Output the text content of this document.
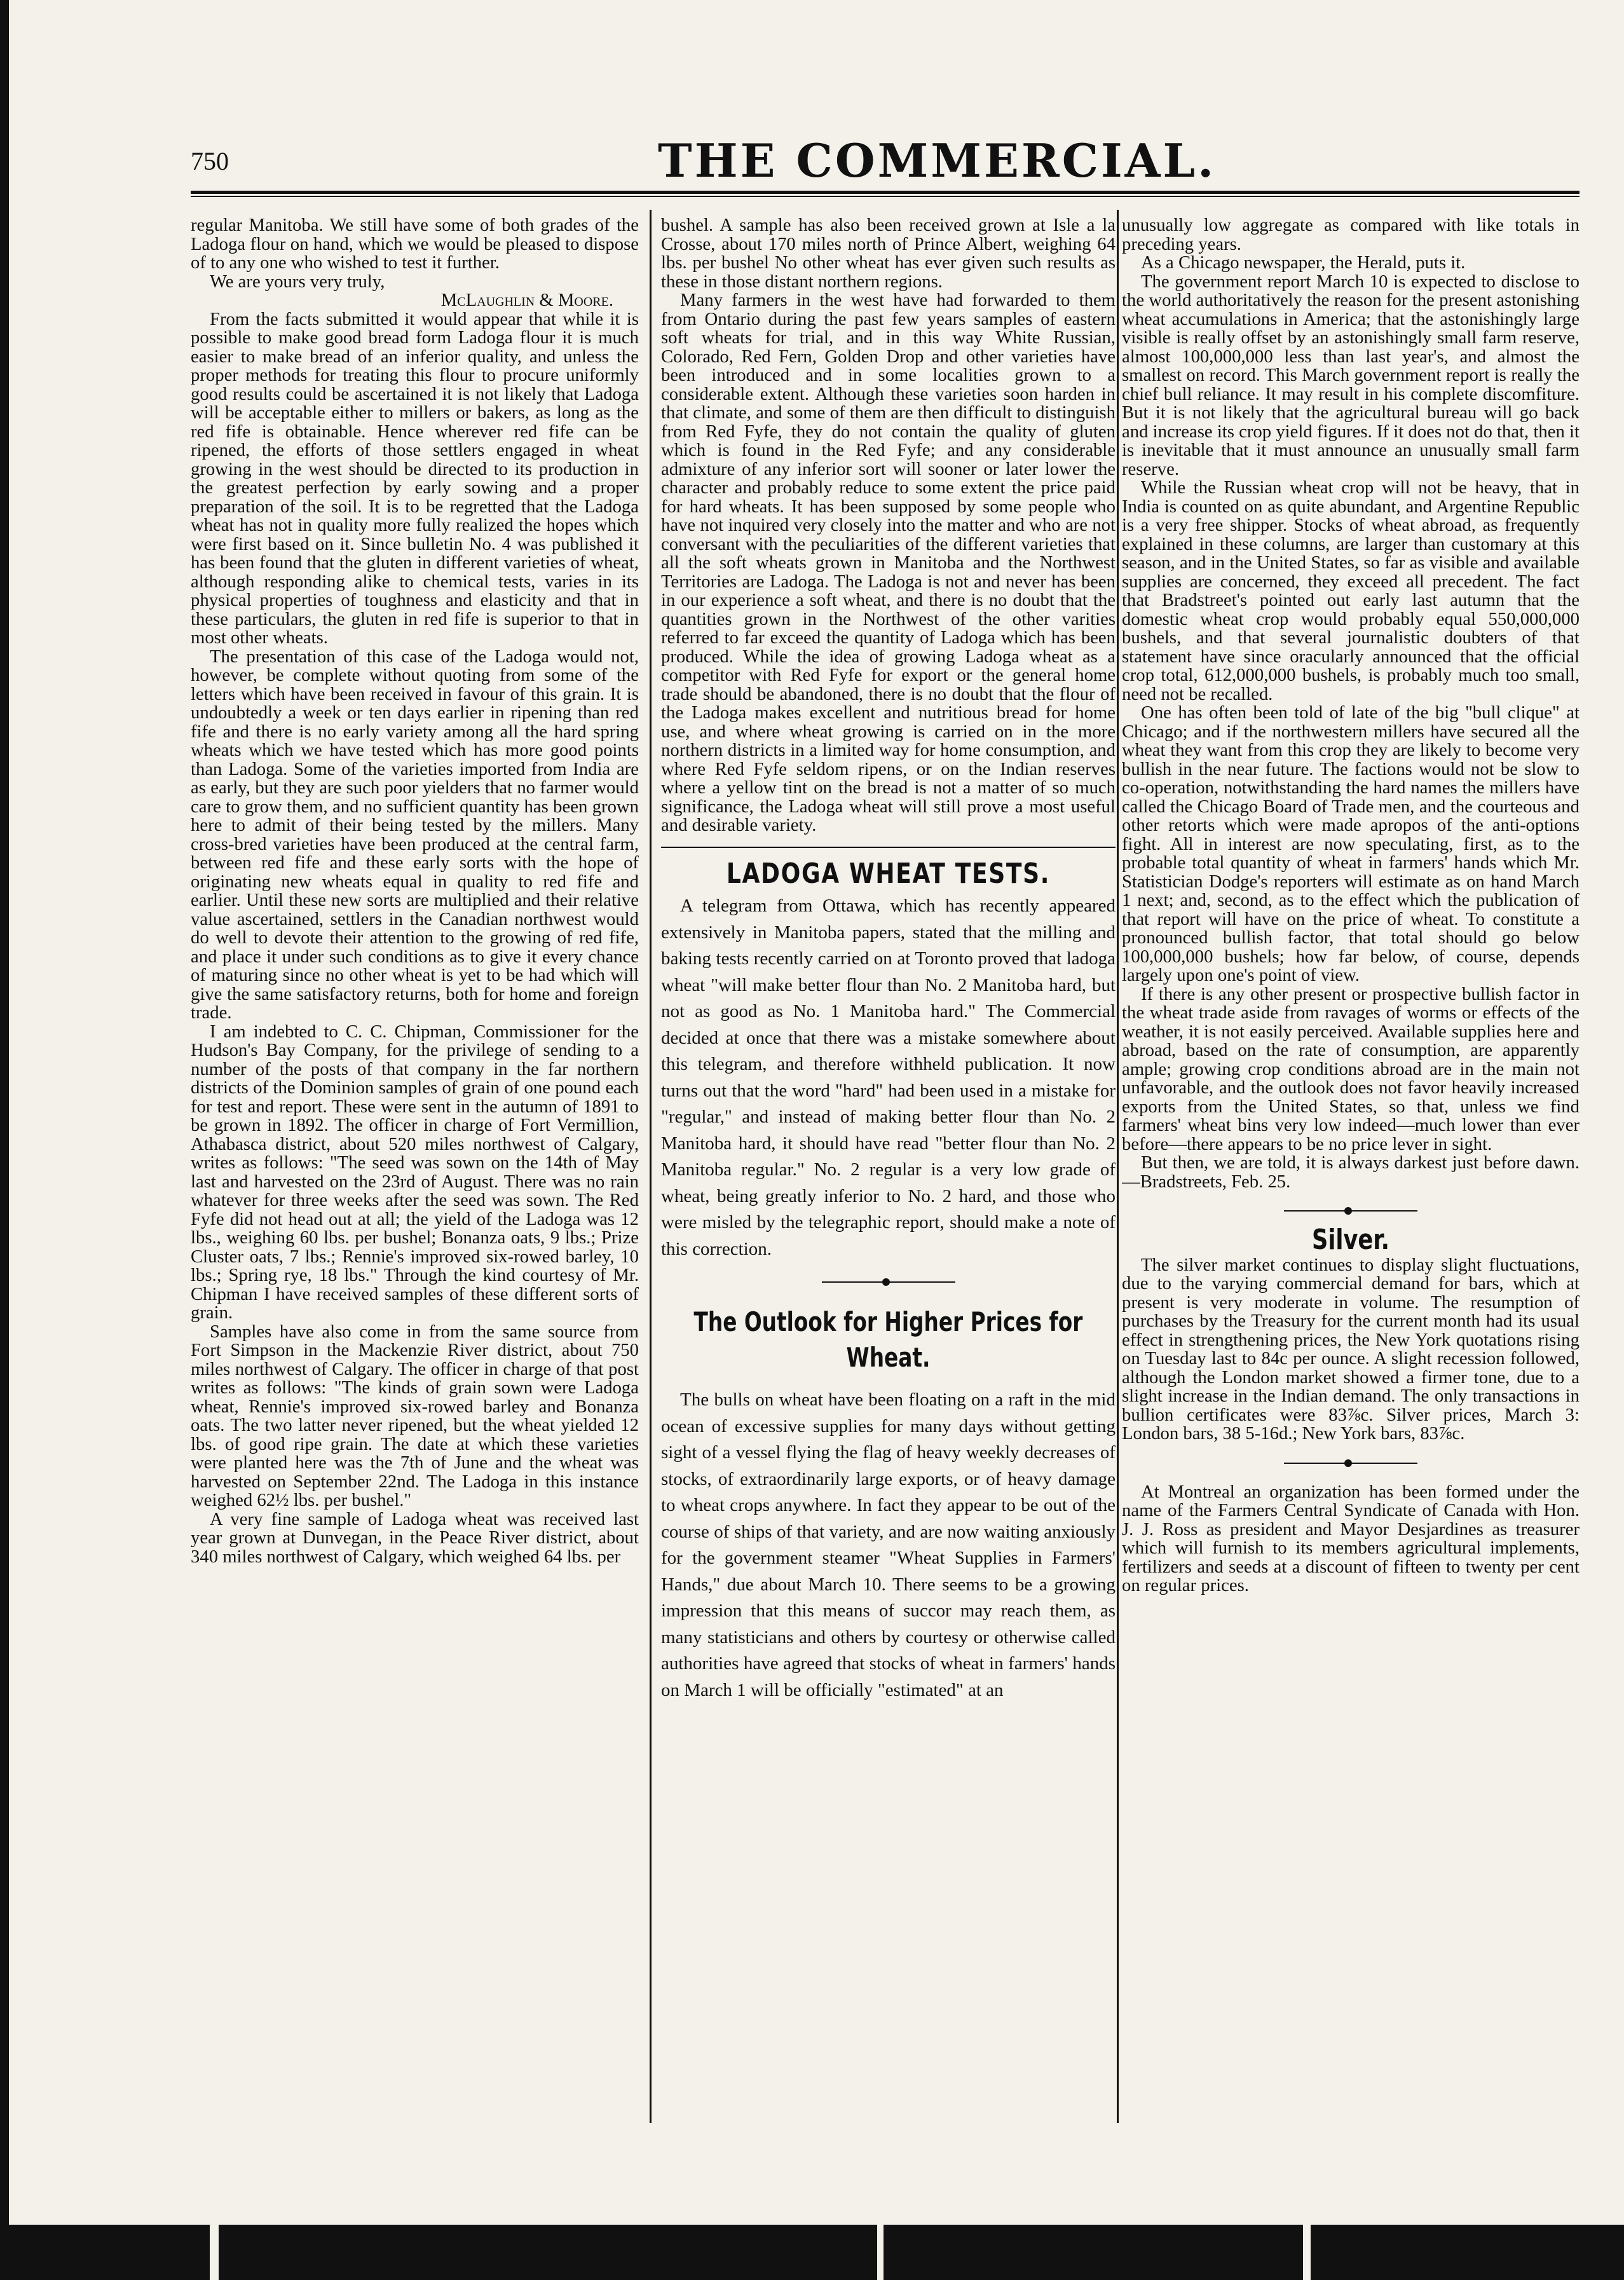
750	THE COMMERCIAL.

regular Manitoba. We still have some of both grades of the Ladoga flour on hand, which we would be pleased to dispose of to any one who wished to test it further.

We are yours very truly,

McLaughlin & Moore.

From the facts submitted it would appear that while it is possible to make good bread form Ladoga flour it is much easier to make bread of an inferior quality, and unless the proper methods for treating this flour to procure uniformly good results could be ascertained it is not likely that Ladoga will be acceptable either to millers or bakers, as long as the red fife is obtainable. Hence wherever red fife can be ripened, the efforts of those settlers engaged in wheat growing in the west should be directed to its production in the greatest perfection by early sowing and a proper preparation of the soil. It is to be regretted that the Ladoga wheat has not in quality more fully realized the hopes which were first based on it. Since bulletin No. 4 was published it has been found that the gluten in different varieties of wheat, although responding alike to chemical tests, varies in its physical properties of toughness and elasticity and that in these particulars, the gluten in red fife is superior to that in most other wheats.

The presentation of this case of the Ladoga would not, however, be complete without quoting from some of the letters which have been received in favour of this grain. It is undoubtedly a week or ten days earlier in ripening than red fife and there is no early variety among all the hard spring wheats which we have tested which has more good points than Ladoga. Some of the varieties imported from India are as early, but they are such poor yielders that no farmer would care to grow them, and no sufficient quantity has been grown here to admit of their being tested by the millers. Many cross-bred varieties have been produced at the central farm, between red fife and these early sorts with the hope of originating new wheats equal in quality to red fife and earlier. Until these new sorts are multiplied and their relative value ascertained, settlers in the Canadian northwest would do well to devote their attention to the growing of red fife, and place it under such conditions as to give it every chance of maturing since no other wheat is yet to be had which will give the same satisfactory returns, both for home and foreign trade.

I am indebted to C. C. Chipman, Commissioner for the Hudson's Bay Company, for the privilege of sending to a number of the posts of that company in the far northern districts of the Dominion samples of grain of one pound each for test and report. These were sent in the autumn of 1891 to be grown in 1892. The officer in charge of Fort Vermillion, Athabasca district, about 520 miles northwest of Calgary, writes as follows: "The seed was sown on the 14th of May last and harvested on the 23rd of August. There was no rain whatever for three weeks after the seed was sown. The Red Fyfe did not head out at all; the yield of the Ladoga was 12 lbs., weighing 60 lbs. per bushel; Bonanza oats, 9 lbs.; Prize Cluster oats, 7 lbs.; Rennie's improved six-rowed barley, 10 lbs.; Spring rye, 18 lbs." Through the kind courtesy of Mr. Chipman I have received samples of these different sorts of grain.

Samples have also come in from the same source from Fort Simpson in the Mackenzie River district, about 750 miles northwest of Calgary. The officer in charge of that post writes as follows: "The kinds of grain sown were Ladoga wheat, Rennie's improved six-rowed barley and Bonanza oats. The two latter never ripened, but the wheat yielded 12 lbs. of good ripe grain. The date at which these varieties were planted here was the 7th of June and the wheat was harvested on September 22nd. The Ladoga in this instance weighed 62½ lbs. per bushel."

A very fine sample of Ladoga wheat was received last year grown at Dunvegan, in the Peace River district, about 340 miles northwest of Calgary, which weighed 64 lbs. per

bushel. A sample has also been received grown at Isle a la Crosse, about 170 miles north of Prince Albert, weighing 64 lbs. per bushel No other wheat has ever given such results as these in those distant northern regions.

Many farmers in the west have had forwarded to them from Ontario during the past few years samples of eastern soft wheats for trial, and in this way White Russian, Colorado, Red Fern, Golden Drop and other varieties have been introduced and in some localities grown to a considerable extent. Although these varieties soon harden in that climate, and some of them are then difficult to distinguish from Red Fyfe, they do not contain the quality of gluten which is found in the Red Fyfe; and any considerable admixture of any inferior sort will sooner or later lower the character and probably reduce to some extent the price paid for hard wheats. It has been supposed by some people who have not inquired very closely into the matter and who are not conversant with the peculiarities of the different varieties that all the soft wheats grown in Manitoba and the Northwest Territories are Ladoga. The Ladoga is not and never has been in our experience a soft wheat, and there is no doubt that the quantities grown in the Northwest of the other varities referred to far exceed the quantity of Ladoga which has been produced. While the idea of growing Ladoga wheat as a competitor with Red Fyfe for export or the general home trade should be abandoned, there is no doubt that the flour of the Ladoga makes excellent and nutritious bread for home use, and where wheat growing is carried on in the more northern districts in a limited way for home consumption, and where Red Fyfe seldom ripens, or on the Indian reserves where a yellow tint on the bread is not a matter of so much significance, the Ladoga wheat will still prove a most useful and desirable variety.

LADOGA WHEAT TESTS.

A telegram from Ottawa, which has recently appeared extensively in Manitoba papers, stated that the milling and baking tests recently carried on at Toronto proved that ladoga wheat "will make better flour than No. 2 Manitoba hard, but not as good as No. 1 Manitoba hard." The Commercial decided at once that there was a mistake somewhere about this telegram, and therefore withheld publication. It now turns out that the word "hard" had been used in a mistake for "regular," and instead of making better flour than No. 2 Manitoba hard, it should have read "better flour than No. 2 Manitoba regular." No. 2 regular is a very low grade of wheat, being greatly inferior to No. 2 hard, and those who were misled by the telegraphic report, should make a note of this correction.

The Outlook for Higher Prices for Wheat.

The bulls on wheat have been floating on a raft in the mid ocean of excessive supplies for many days without getting sight of a vessel flying the flag of heavy weekly decreases of stocks, of extraordinarily large exports, or of heavy damage to wheat crops anywhere. In fact they appear to be out of the course of ships of that variety, and are now waiting anxiously for the government steamer "Wheat Supplies in Farmers' Hands," due about March 10. There seems to be a growing impression that this means of succor may reach them, as many statisticians and others by courtesy or otherwise called authorities have agreed that stocks of wheat in farmers' hands on March 1 will be officially "estimated" at an

unusually low aggregate as compared with like totals in preceding years.

As a Chicago newspaper, the Herald, puts it.

The government report March 10 is expected to disclose to the world authoritatively the reason for the present astonishing wheat accumulations in America; that the astonishingly large visible is really offset by an astonishingly small farm reserve, almost 100,000,000 less than last year's, and almost the smallest on record. This March government report is really the chief bull reliance. It may result in his complete discomfiture. But it is not likely that the agricultural bureau will go back and increase its crop yield figures. If it does not do that, then it is inevitable that it must announce an unusually small farm reserve.

While the Russian wheat crop will not be heavy, that in India is counted on as quite abundant, and Argentine Republic is a very free shipper. Stocks of wheat abroad, as frequently explained in these columns, are larger than customary at this season, and in the United States, so far as visible and available supplies are concerned, they exceed all precedent. The fact that Bradstreet's pointed out early last autumn that the domestic wheat crop would probably equal 550,000,000 bushels, and that several journalistic doubters of that statement have since oracularly announced that the official crop total, 612,000,000 bushels, is probably much too small, need not be recalled.

One has often been told of late of the big "bull clique" at Chicago; and if the northwestern millers have secured all the wheat they want from this crop they are likely to become very bullish in the near future. The factions would not be slow to co-operation, notwithstanding the hard names the millers have called the Chicago Board of Trade men, and the courteous and other retorts which were made apropos of the anti-options fight. All in interest are now speculating, first, as to the probable total quantity of wheat in farmers' hands which Mr. Statistician Dodge's reporters will estimate as on hand March 1 next; and, second, as to the effect which the publication of that report will have on the price of wheat. To constitute a pronounced bullish factor, that total should go below 100,000,000 bushels; how far below, of course, depends largely upon one's point of view.

If there is any other present or prospective bullish factor in the wheat trade aside from ravages of worms or effects of the weather, it is not easily perceived. Available supplies here and abroad, based on the rate of consumption, are apparently ample; growing crop conditions abroad are in the main not unfavorable, and the outlook does not favor heavily increased exports from the United States, so that, unless we find farmers' wheat bins very low indeed—much lower than ever before—there appears to be no price lever in sight.

But then, we are told, it is always darkest just before dawn.—Bradstreets, Feb. 25.

Silver.

The silver market continues to display slight fluctuations, due to the varying commercial demand for bars, which at present is very moderate in volume. The resumption of purchases by the Treasury for the current month had its usual effect in strengthening prices, the New York quotations rising on Tuesday last to 84c per ounce. A slight recession followed, although the London market showed a firmer tone, due to a slight increase in the Indian demand. The only transactions in bullion certificates were 83⅞c. Silver prices, March 3: London bars, 38 5-16d.; New York bars, 83⅞c.

At Montreal an organization has been formed under the name of the Farmers Central Syndicate of Canada with Hon. J. J. Ross as president and Mayor Desjardines as treasurer which will furnish to its members agricultural implements, fertilizers and seeds at a discount of fifteen to twenty per cent on regular prices.
